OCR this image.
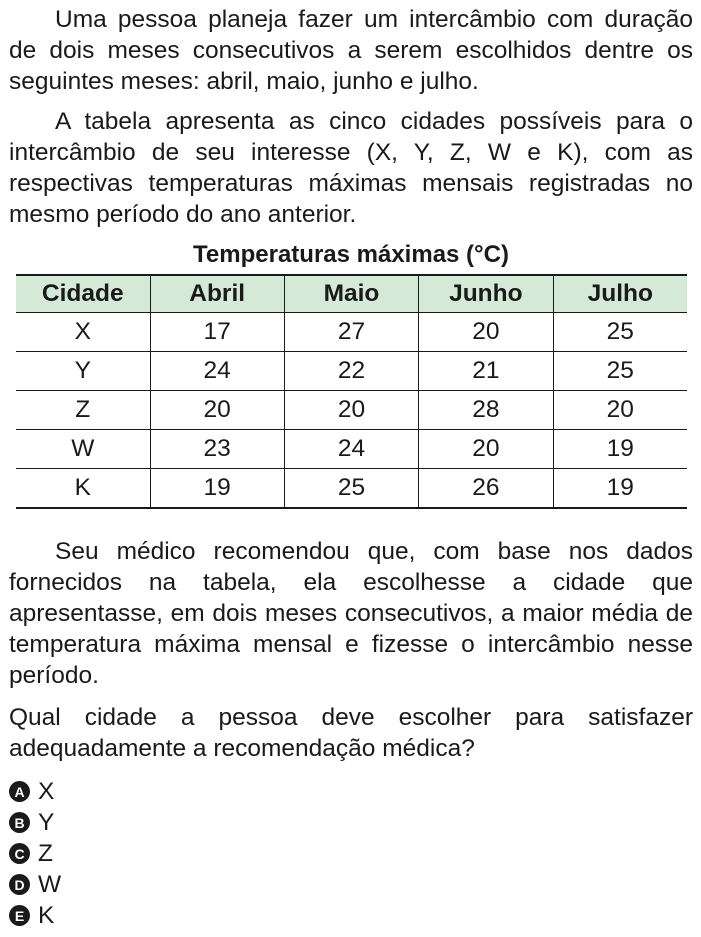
Uma pessoa planeja fazer um intercâmbio com duração de dois meses consecutivos a serem escolhidos dentre os seguintes meses: abril, maio, junho e julho.

A tabela apresenta as cinco cidades possíveis para o intercâmbio de seu interesse (X, Y, Z, W e K), com as respectivas temperaturas máximas mensais registradas no mesmo período do ano anterior.

Temperaturas máximas (°C)
Cidade	Abril	Maio	Junho	Julho
X	17	27	20	25
Y	24	22	21	25
Z	20	20	28	20
W	23	24	20	19
K	19	25	26	19

Seu médico recomendou que, com base nos dados fornecidos na tabela, ela escolhesse a cidade que apresentasse, em dois meses consecutivos, a maior média de temperatura máxima mensal e fizesse o intercâmbio nesse período.

Qual cidade a pessoa deve escolher para satisfazer adequadamente a recomendação médica?

A X
B Y
C Z
D W
E K
